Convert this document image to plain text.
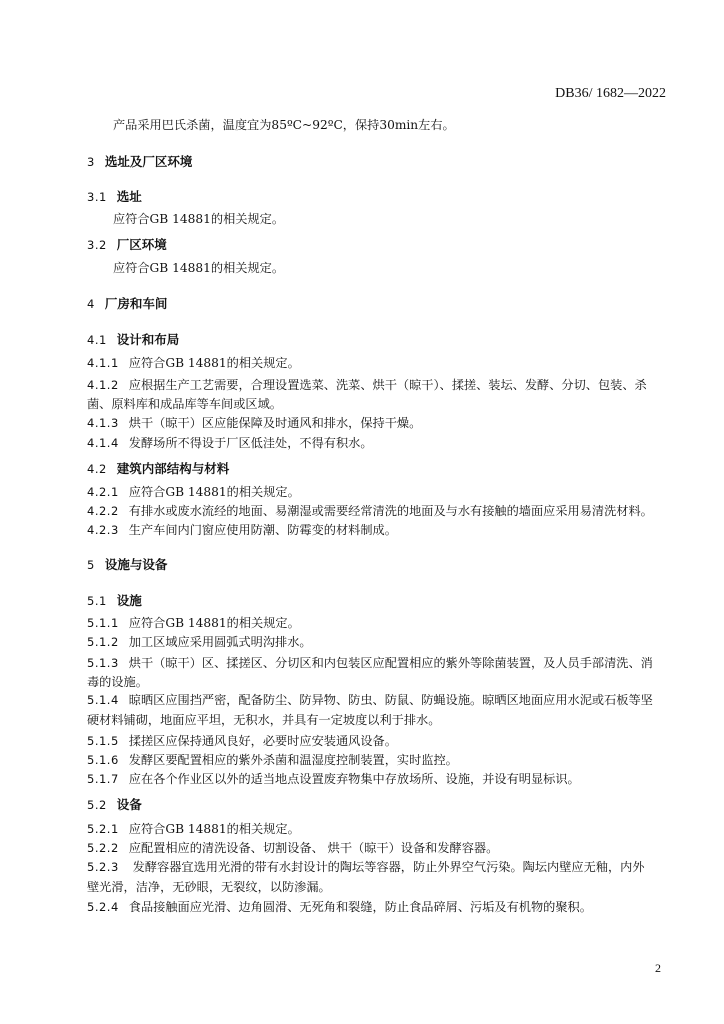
DB36/ 1682—2022
产品采用巴氏杀菌，温度宜为85ºC~92ºC，保持30min左右。
3 选址及厂区环境
3.1 选址
应符合GB 14881的相关规定。
3.2 厂区环境
应符合GB 14881的相关规定。
4 厂房和车间
4.1 设计和布局
4.1.1 应符合GB 14881的相关规定。
4.1.2 应根据生产工艺需要，合理设置选菜、洗菜、烘干（晾干）、揉搓、装坛、发酵、分切、包装、杀
菌、原料库和成品库等车间或区域。
4.1.3 烘干（晾干）区应能保障及时通风和排水，保持干燥。
4.1.4 发酵场所不得设于厂区低洼处，不得有积水。
4.2 建筑内部结构与材料
4.2.1 应符合GB 14881的相关规定。
4.2.2 有排水或废水流经的地面、易潮湿或需要经常清洗的地面及与水有接触的墙面应采用易清洗材料。
4.2.3 生产车间内门窗应使用防潮、防霉变的材料制成。
5 设施与设备
5.1 设施
5.1.1 应符合GB 14881的相关规定。
5.1.2 加工区域应采用圆弧式明沟排水。
5.1.3 烘干（晾干）区、揉搓区、分切区和内包装区应配置相应的紫外等除菌装置，及人员手部清洗、消
毒的设施。
5.1.4 晾晒区应围挡严密，配备防尘、防异物、防虫、防鼠、防蝇设施。晾晒区地面应用水泥或石板等坚
硬材料铺砌，地面应平坦，无积水，并具有一定坡度以利于排水。
5.1.5 揉搓区应保持通风良好，必要时应安装通风设备。
5.1.6 发酵区要配置相应的紫外杀菌和温湿度控制装置，实时监控。
5.1.7 应在各个作业区以外的适当地点设置废弃物集中存放场所、设施，并设有明显标识。
5.2 设备
5.2.1 应符合GB 14881的相关规定。
5.2.2 应配置相应的清洗设备、切割设备、 烘干（晾干）设备和发酵容器。
5.2.3 发酵容器宜选用光滑的带有水封设计的陶坛等容器，防止外界空气污染。陶坛内壁应无釉，内外
壁光滑，洁净，无砂眼，无裂纹，以防渗漏。
5.2.4 食品接触面应光滑、边角圆滑、无死角和裂缝，防止食品碎屑、污垢及有机物的聚积。
2
